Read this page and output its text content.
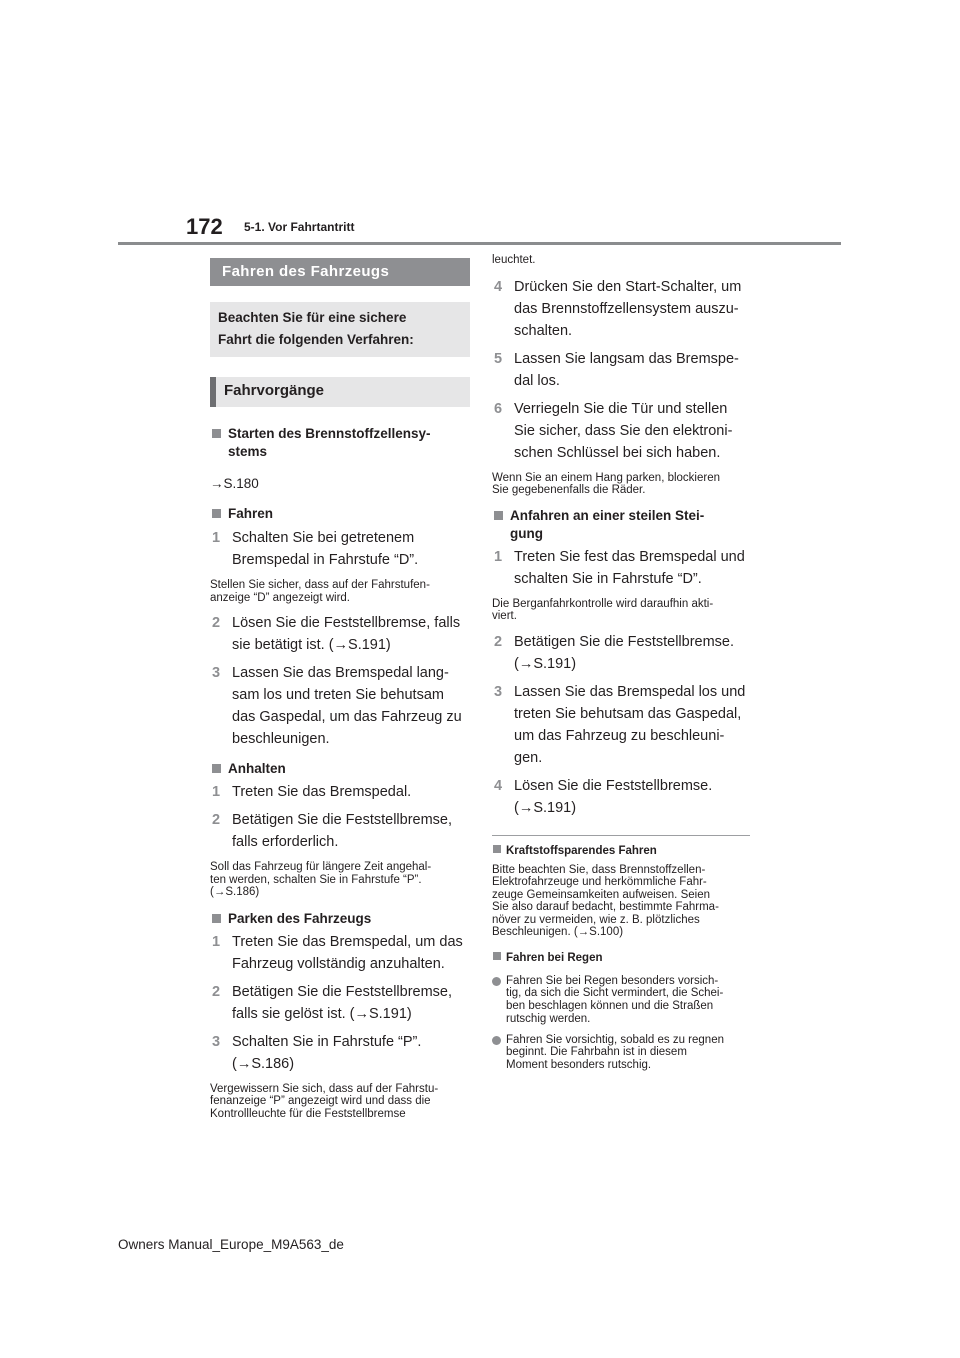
172 5-1. Vor Fahrtantritt
Fahren des Fahrzeugs
Beachten Sie für eine sichere
Fahrt die folgenden Verfahren:
Fahrvorgänge
Starten des Brennstoffzellensy-
stems
→S.180
Fahren
1 Schalten Sie bei getretenem
Bremspedal in Fahrstufe “D”.
Stellen Sie sicher, dass auf der Fahrstufen-
anzeige “D” angezeigt wird.
2 Lösen Sie die Feststellbremse, falls
sie betätigt ist. (→S.191)
3 Lassen Sie das Bremspedal lang-
sam los und treten Sie behutsam
das Gaspedal, um das Fahrzeug zu
beschleunigen.
Anhalten
1 Treten Sie das Bremspedal.
2 Betätigen Sie die Feststellbremse,
falls erforderlich.
Soll das Fahrzeug für längere Zeit angehal-
ten werden, schalten Sie in Fahrstufe “P”.
(→S.186)
Parken des Fahrzeugs
1 Treten Sie das Bremspedal, um das
Fahrzeug vollständig anzuhalten.
2 Betätigen Sie die Feststellbremse,
falls sie gelöst ist. (→S.191)
3 Schalten Sie in Fahrstufe “P”.
(→S.186)
Vergewissern Sie sich, dass auf der Fahrstu-
fenanzeige “P” angezeigt wird und dass die
Kontrollleuchte für die Feststellbremse
leuchtet.
4 Drücken Sie den Start-Schalter, um
das Brennstoffzellensystem auszu-
schalten.
5 Lassen Sie langsam das Bremspe-
dal los.
6 Verriegeln Sie die Tür und stellen
Sie sicher, dass Sie den elektroni-
schen Schlüssel bei sich haben.
Wenn Sie an einem Hang parken, blockieren
Sie gegebenenfalls die Räder.
Anfahren an einer steilen Stei-
gung
1 Treten Sie fest das Bremspedal und
schalten Sie in Fahrstufe “D”.
Die Berganfahrkontrolle wird daraufhin akti-
viert.
2 Betätigen Sie die Feststellbremse.
(→S.191)
3 Lassen Sie das Bremspedal los und
treten Sie behutsam das Gaspedal,
um das Fahrzeug zu beschleuni-
gen.
4 Lösen Sie die Feststellbremse.
(→S.191)
Kraftstoffsparendes Fahren
Bitte beachten Sie, dass Brennstoffzellen-
Elektrofahrzeuge und herkömmliche Fahr-
zeuge Gemeinsamkeiten aufweisen. Seien
Sie also darauf bedacht, bestimmte Fahrma-
növer zu vermeiden, wie z. B. plötzliches
Beschleunigen. (→S.100)
Fahren bei Regen
Fahren Sie bei Regen besonders vorsich-
tig, da sich die Sicht vermindert, die Schei-
ben beschlagen können und die Straßen
rutschig werden.
Fahren Sie vorsichtig, sobald es zu regnen
beginnt. Die Fahrbahn ist in diesem
Moment besonders rutschig.
Owners Manual_Europe_M9A563_de
